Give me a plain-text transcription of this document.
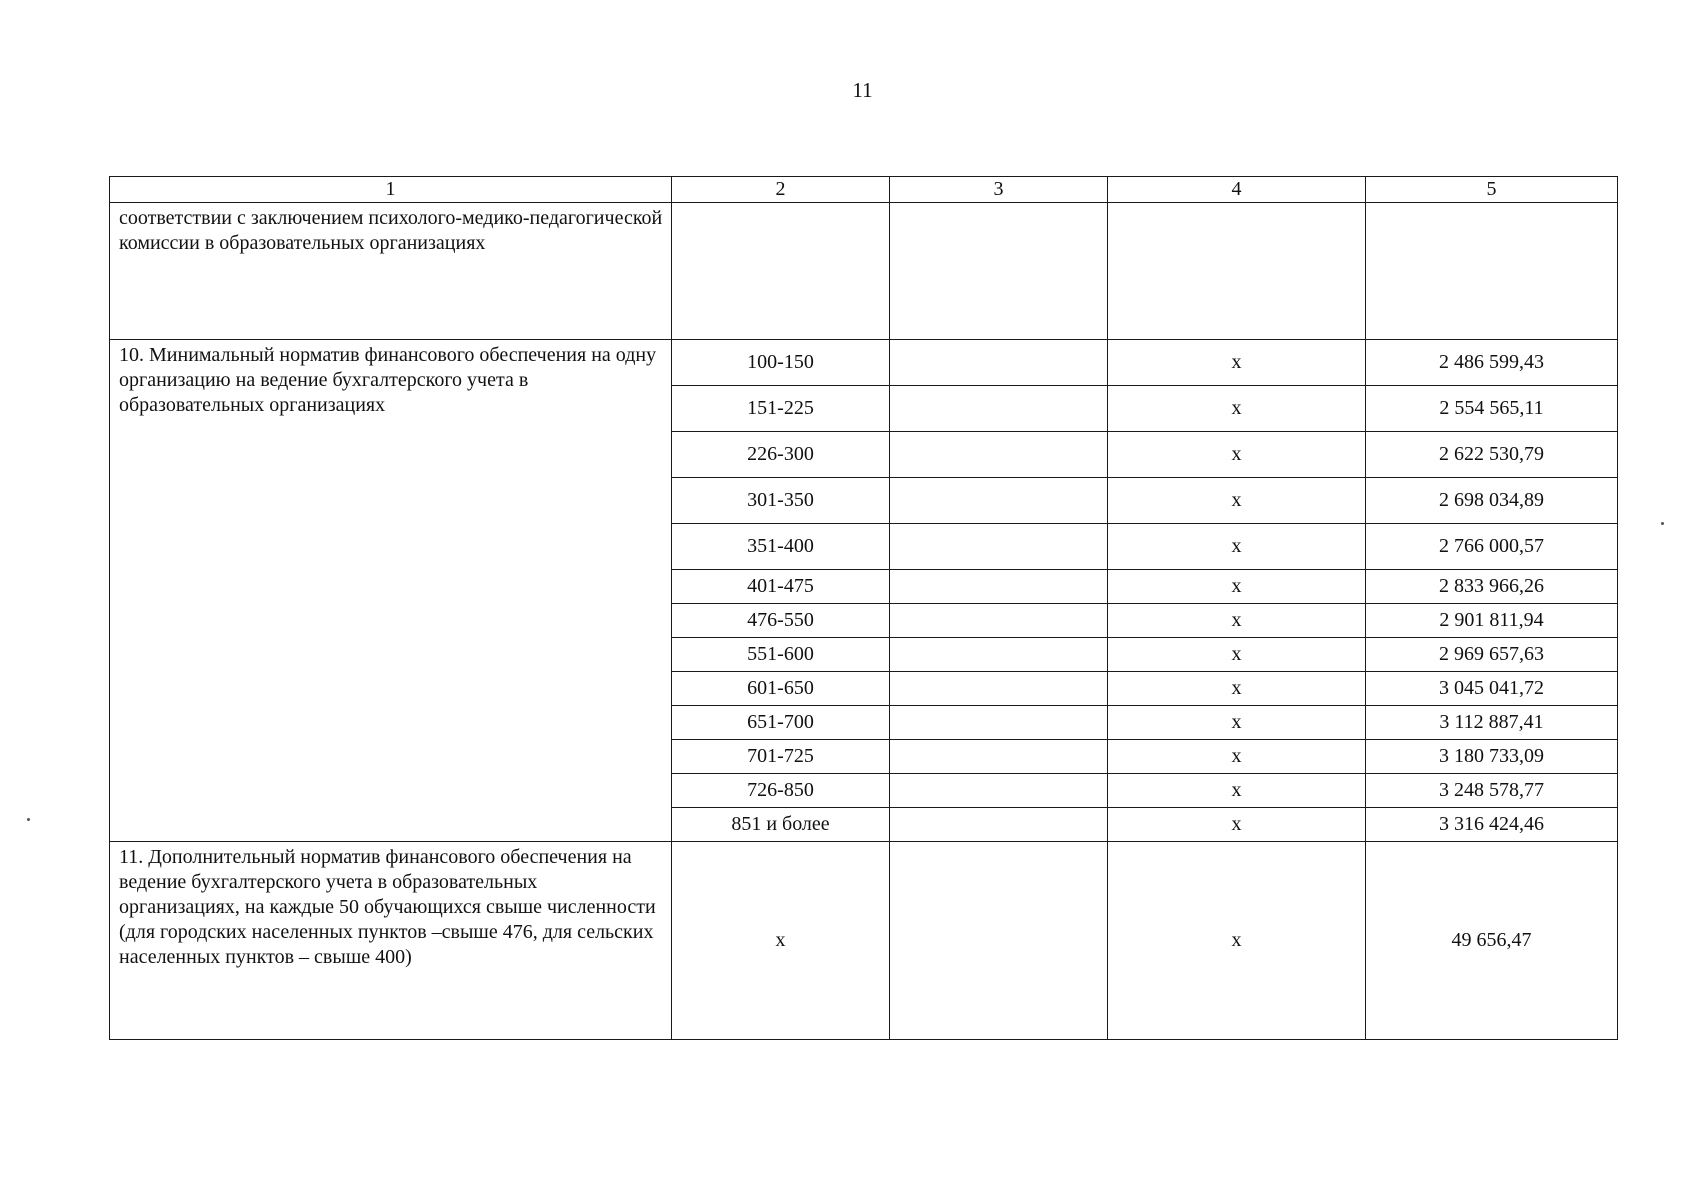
11
1	2	3	4	5
соответствии с заключением психолого-медико-педагогической комиссии в образовательных организациях				
10. Минимальный норматив финансового обеспечения на одну организацию на ведение бухгалтерского учета в образовательных организациях	100-150		х	2 486 599,43
	151-225		х	2 554 565,11
	226-300		х	2 622 530,79
	301-350		х	2 698 034,89
	351-400		х	2 766 000,57
	401-475		х	2 833 966,26
	476-550		х	2 901 811,94
	551-600		х	2 969 657,63
	601-650		х	3 045 041,72
	651-700		х	3 112 887,41
	701-725		х	3 180 733,09
	726-850		х	3 248 578,77
	851 и более		х	3 316 424,46
11. Дополнительный норматив финансового обеспечения на ведение бухгалтерского учета в образовательных организациях, на каждые 50 обучающихся свыше численности (для городских населенных пунктов –свыше 476, для сельских населенных пунктов – свыше 400)	х		х	49 656,47
